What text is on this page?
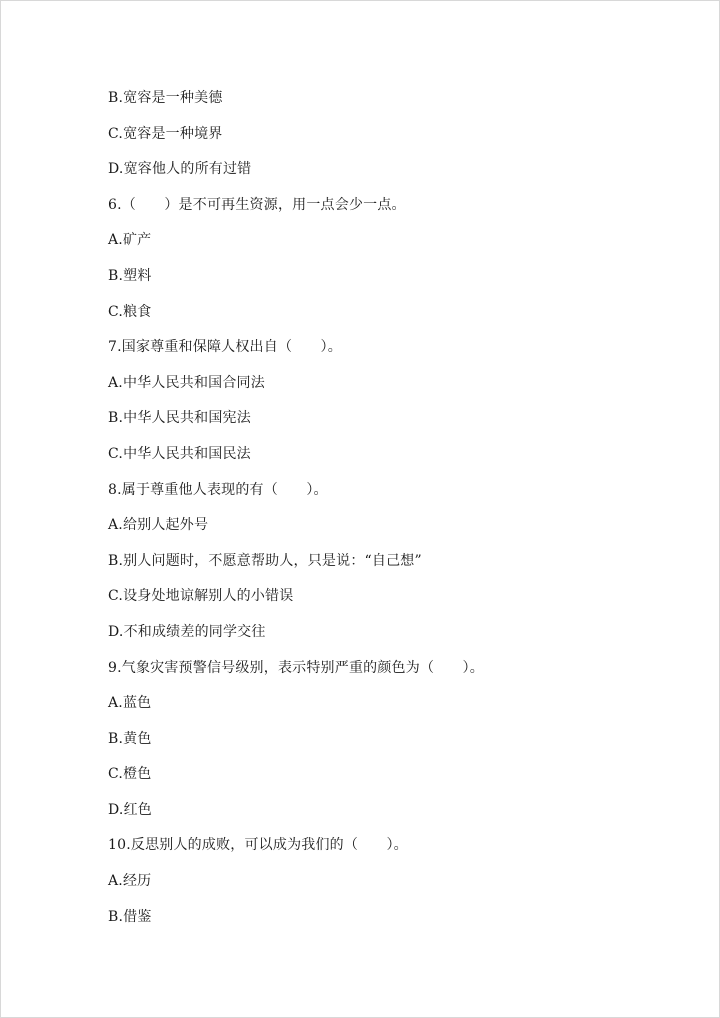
B.宽容是一种美德
C.宽容是一种境界
D.宽容他人的所有过错
6.（　　）是不可再生资源，用一点会少一点。
A.矿产
B.塑料
C.粮食
7.国家尊重和保障人权出自（　　）。
A.中华人民共和国合同法
B.中华人民共和国宪法
C.中华人民共和国民法
8.属于尊重他人表现的有（　　）。
A.给别人起外号
B.别人问题时，不愿意帮助人，只是说：“自己想”
C.设身处地谅解别人的小错误
D.不和成绩差的同学交往
9.气象灾害预警信号级别，表示特别严重的颜色为（　　）。
A.蓝色
B.黄色
C.橙色
D.红色
10.反思别人的成败，可以成为我们的（　　）。
A.经历
B.借鉴
